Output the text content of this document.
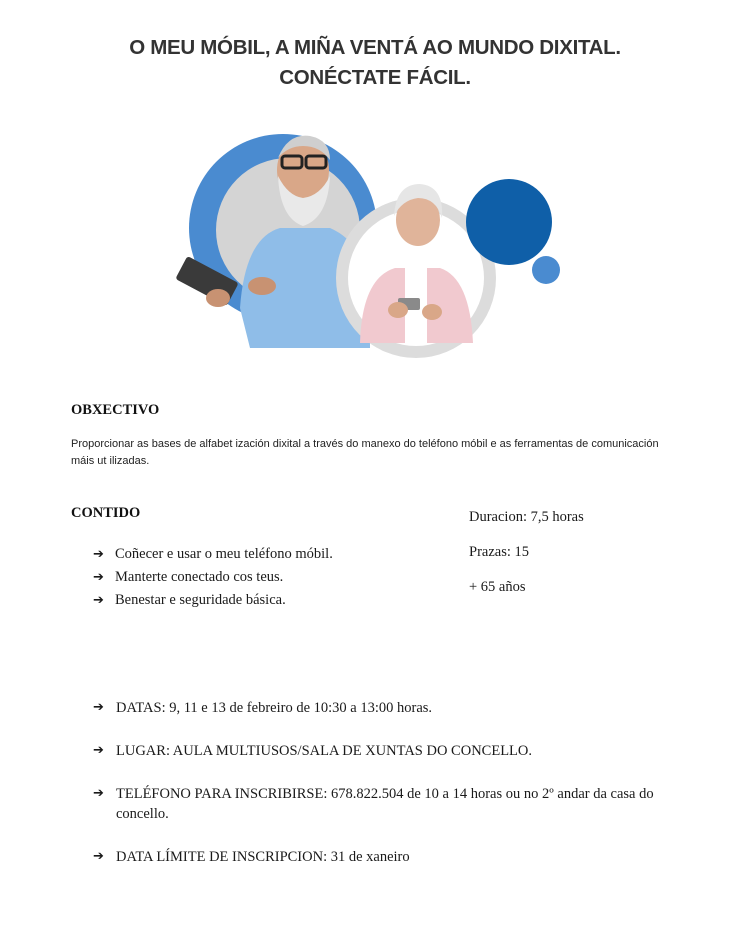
O MEU MÓBIL, A MIÑA VENTÁ AO MUNDO DIXITAL.
CONÉCTATE FÁCIL.
OBXECTIVO
Proporcionar as bases de alfabet ización dixital a través do manexo do teléfono móbil e as ferramentas de comunicación máis ut ilizadas.
CONTIDO
➔ Coñecer e usar o meu teléfono móbil.
➔ Manterte conectado cos teus.
➔ Benestar e seguridade básica.
Duracion: 7,5 horas
Prazas: 15
+ 65 años
➔ DATAS: 9, 11 e 13 de febreiro de 10:30 a 13:00 horas.
➔ LUGAR: AULA MULTIUSOS/SALA DE XUNTAS DO CONCELLO.
➔ TELÉFONO PARA INSCRIBIRSE: 678.822.504 de 10 a 14 horas ou no 2º andar da casa do concello.
➔ DATA LÍMITE DE INSCRIPCION: 31 de xaneiro
